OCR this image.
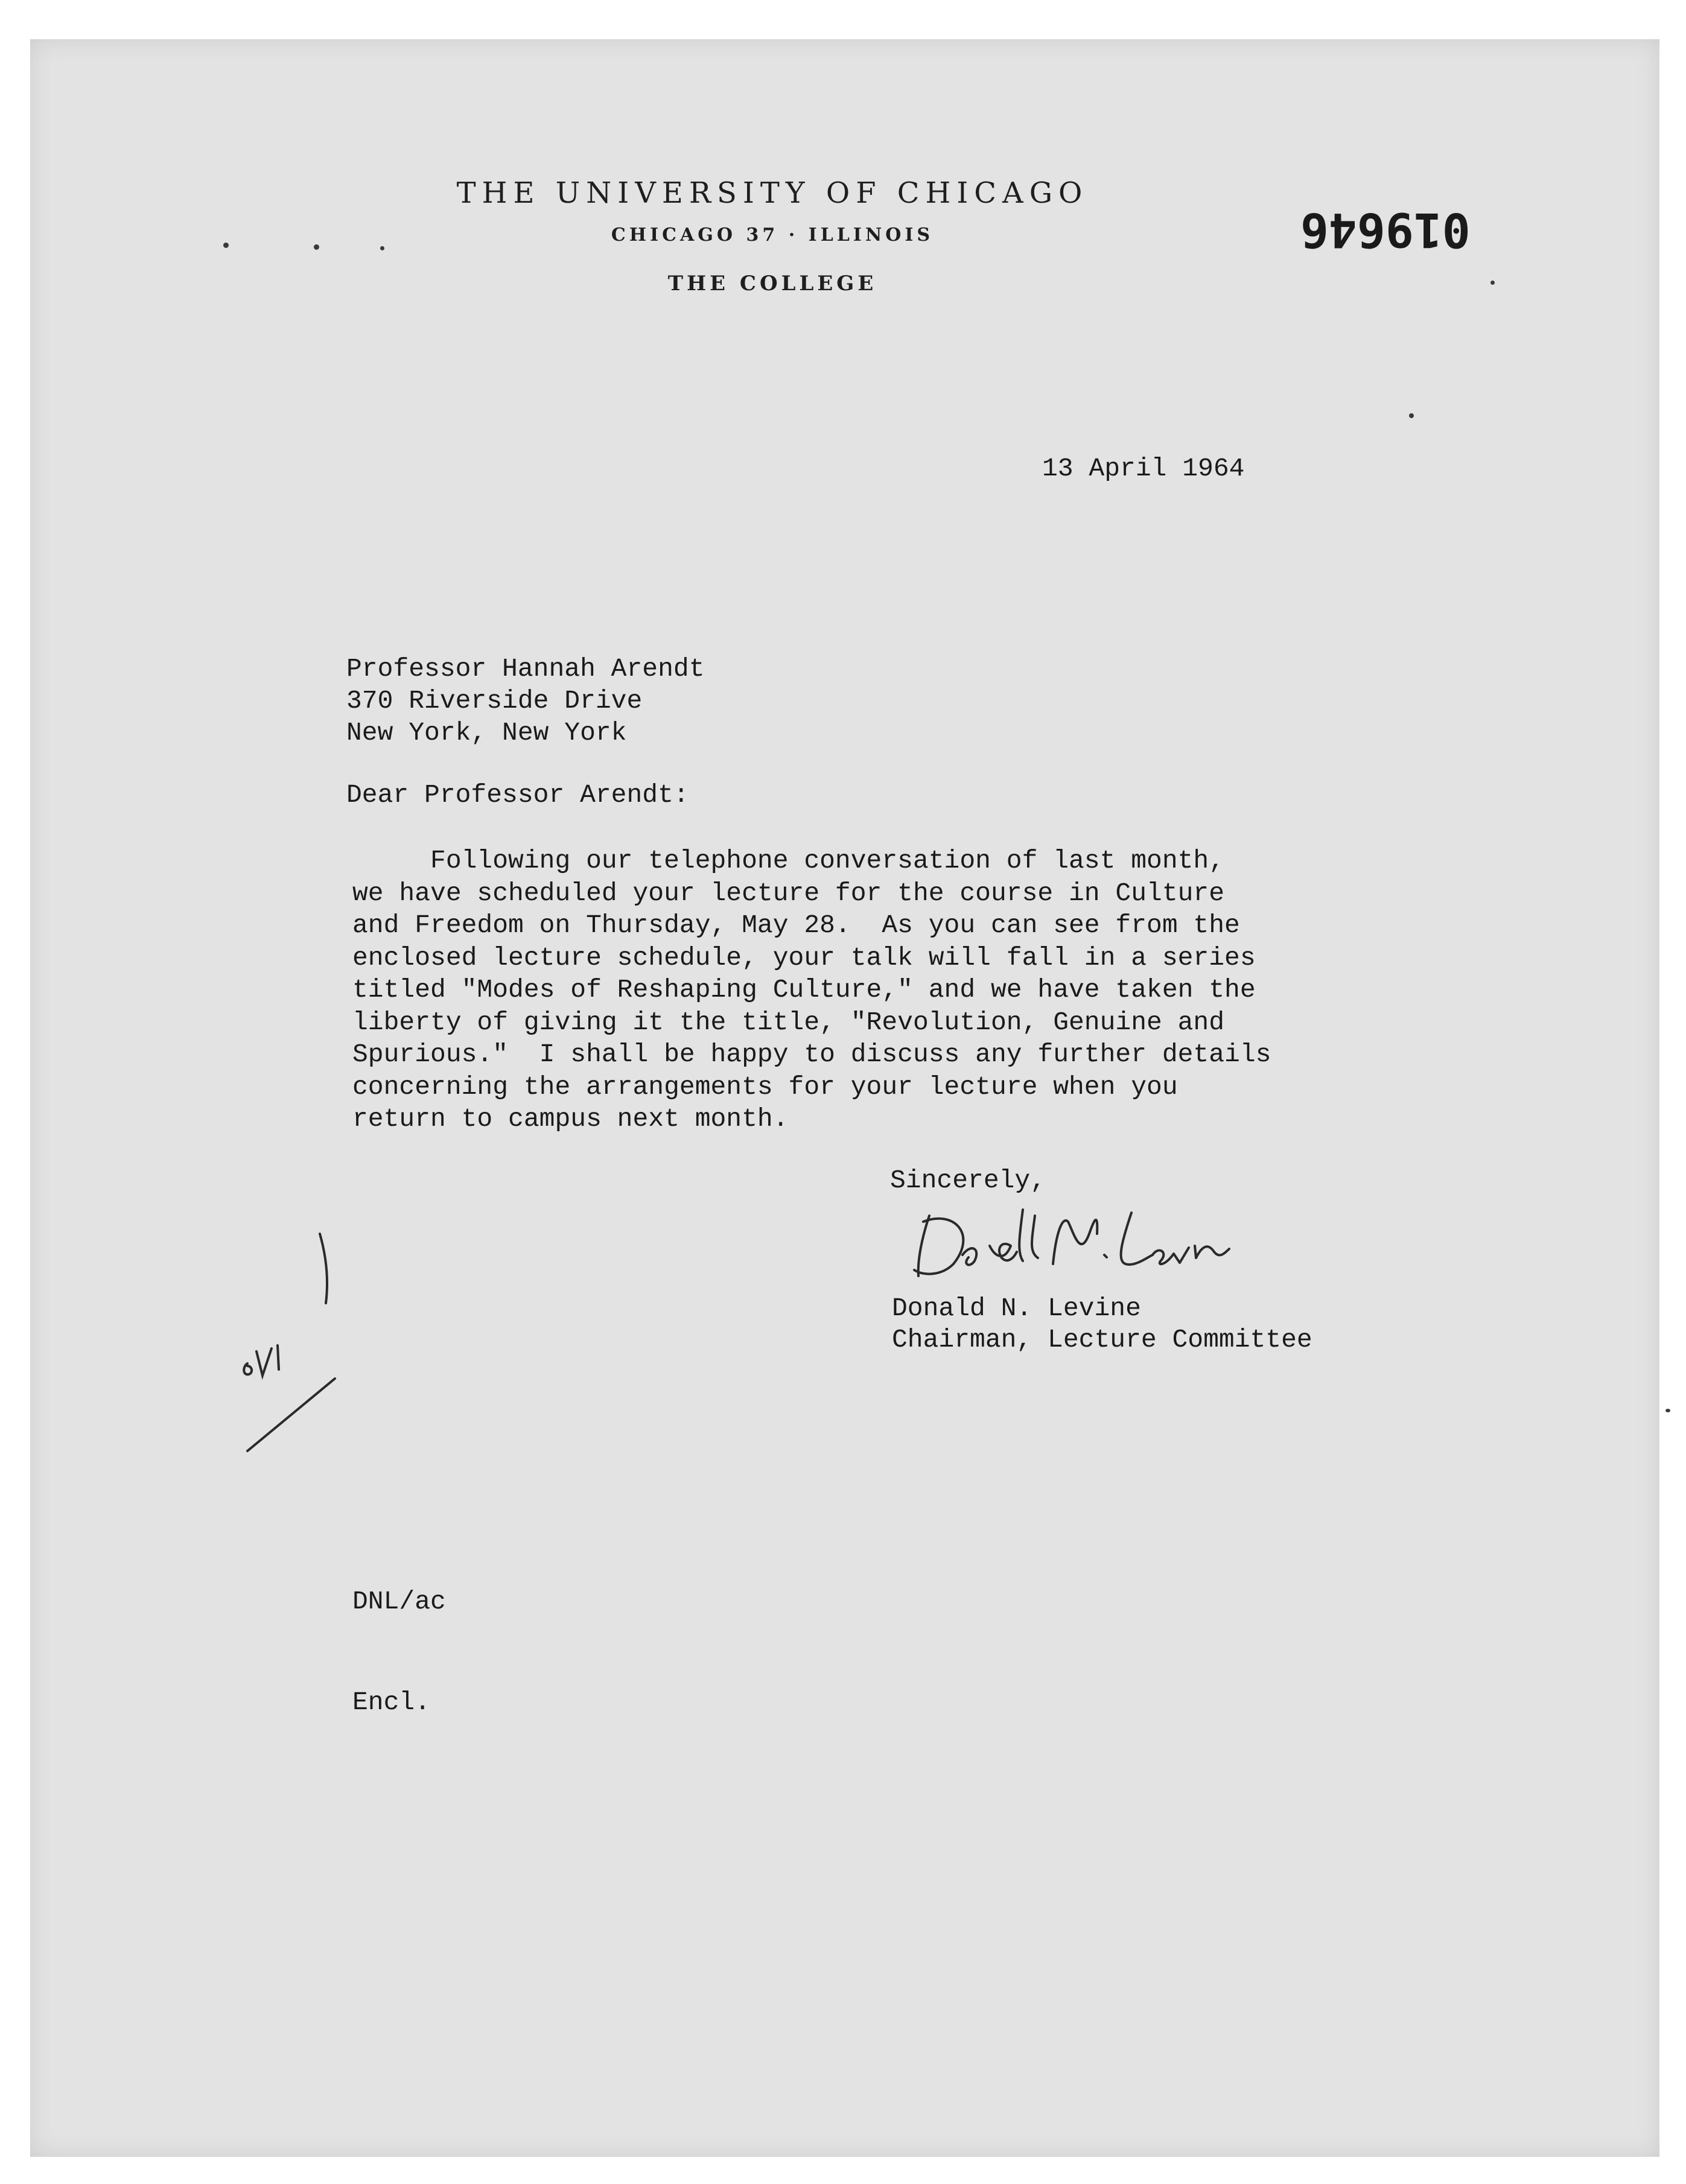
THE UNIVERSITY OF CHICAGO
CHICAGO 37 · ILLINOIS
THE COLLEGE
019646
13 April 1964
Professor Hannah Arendt
370 Riverside Drive
New York, New York
Dear Professor Arendt:
Following our telephone conversation of last month,
we have scheduled your lecture for the course in Culture
and Freedom on Thursday, May 28.  As you can see from the
enclosed lecture schedule, your talk will fall in a series
titled "Modes of Reshaping Culture," and we have taken the
liberty of giving it the title, "Revolution, Genuine and
Spurious."  I shall be happy to discuss any further details
concerning the arrangements for your lecture when you
return to campus next month.
Sincerely,
Donald N. Levine
Chairman, Lecture Committee
DNL/ac
Encl.
